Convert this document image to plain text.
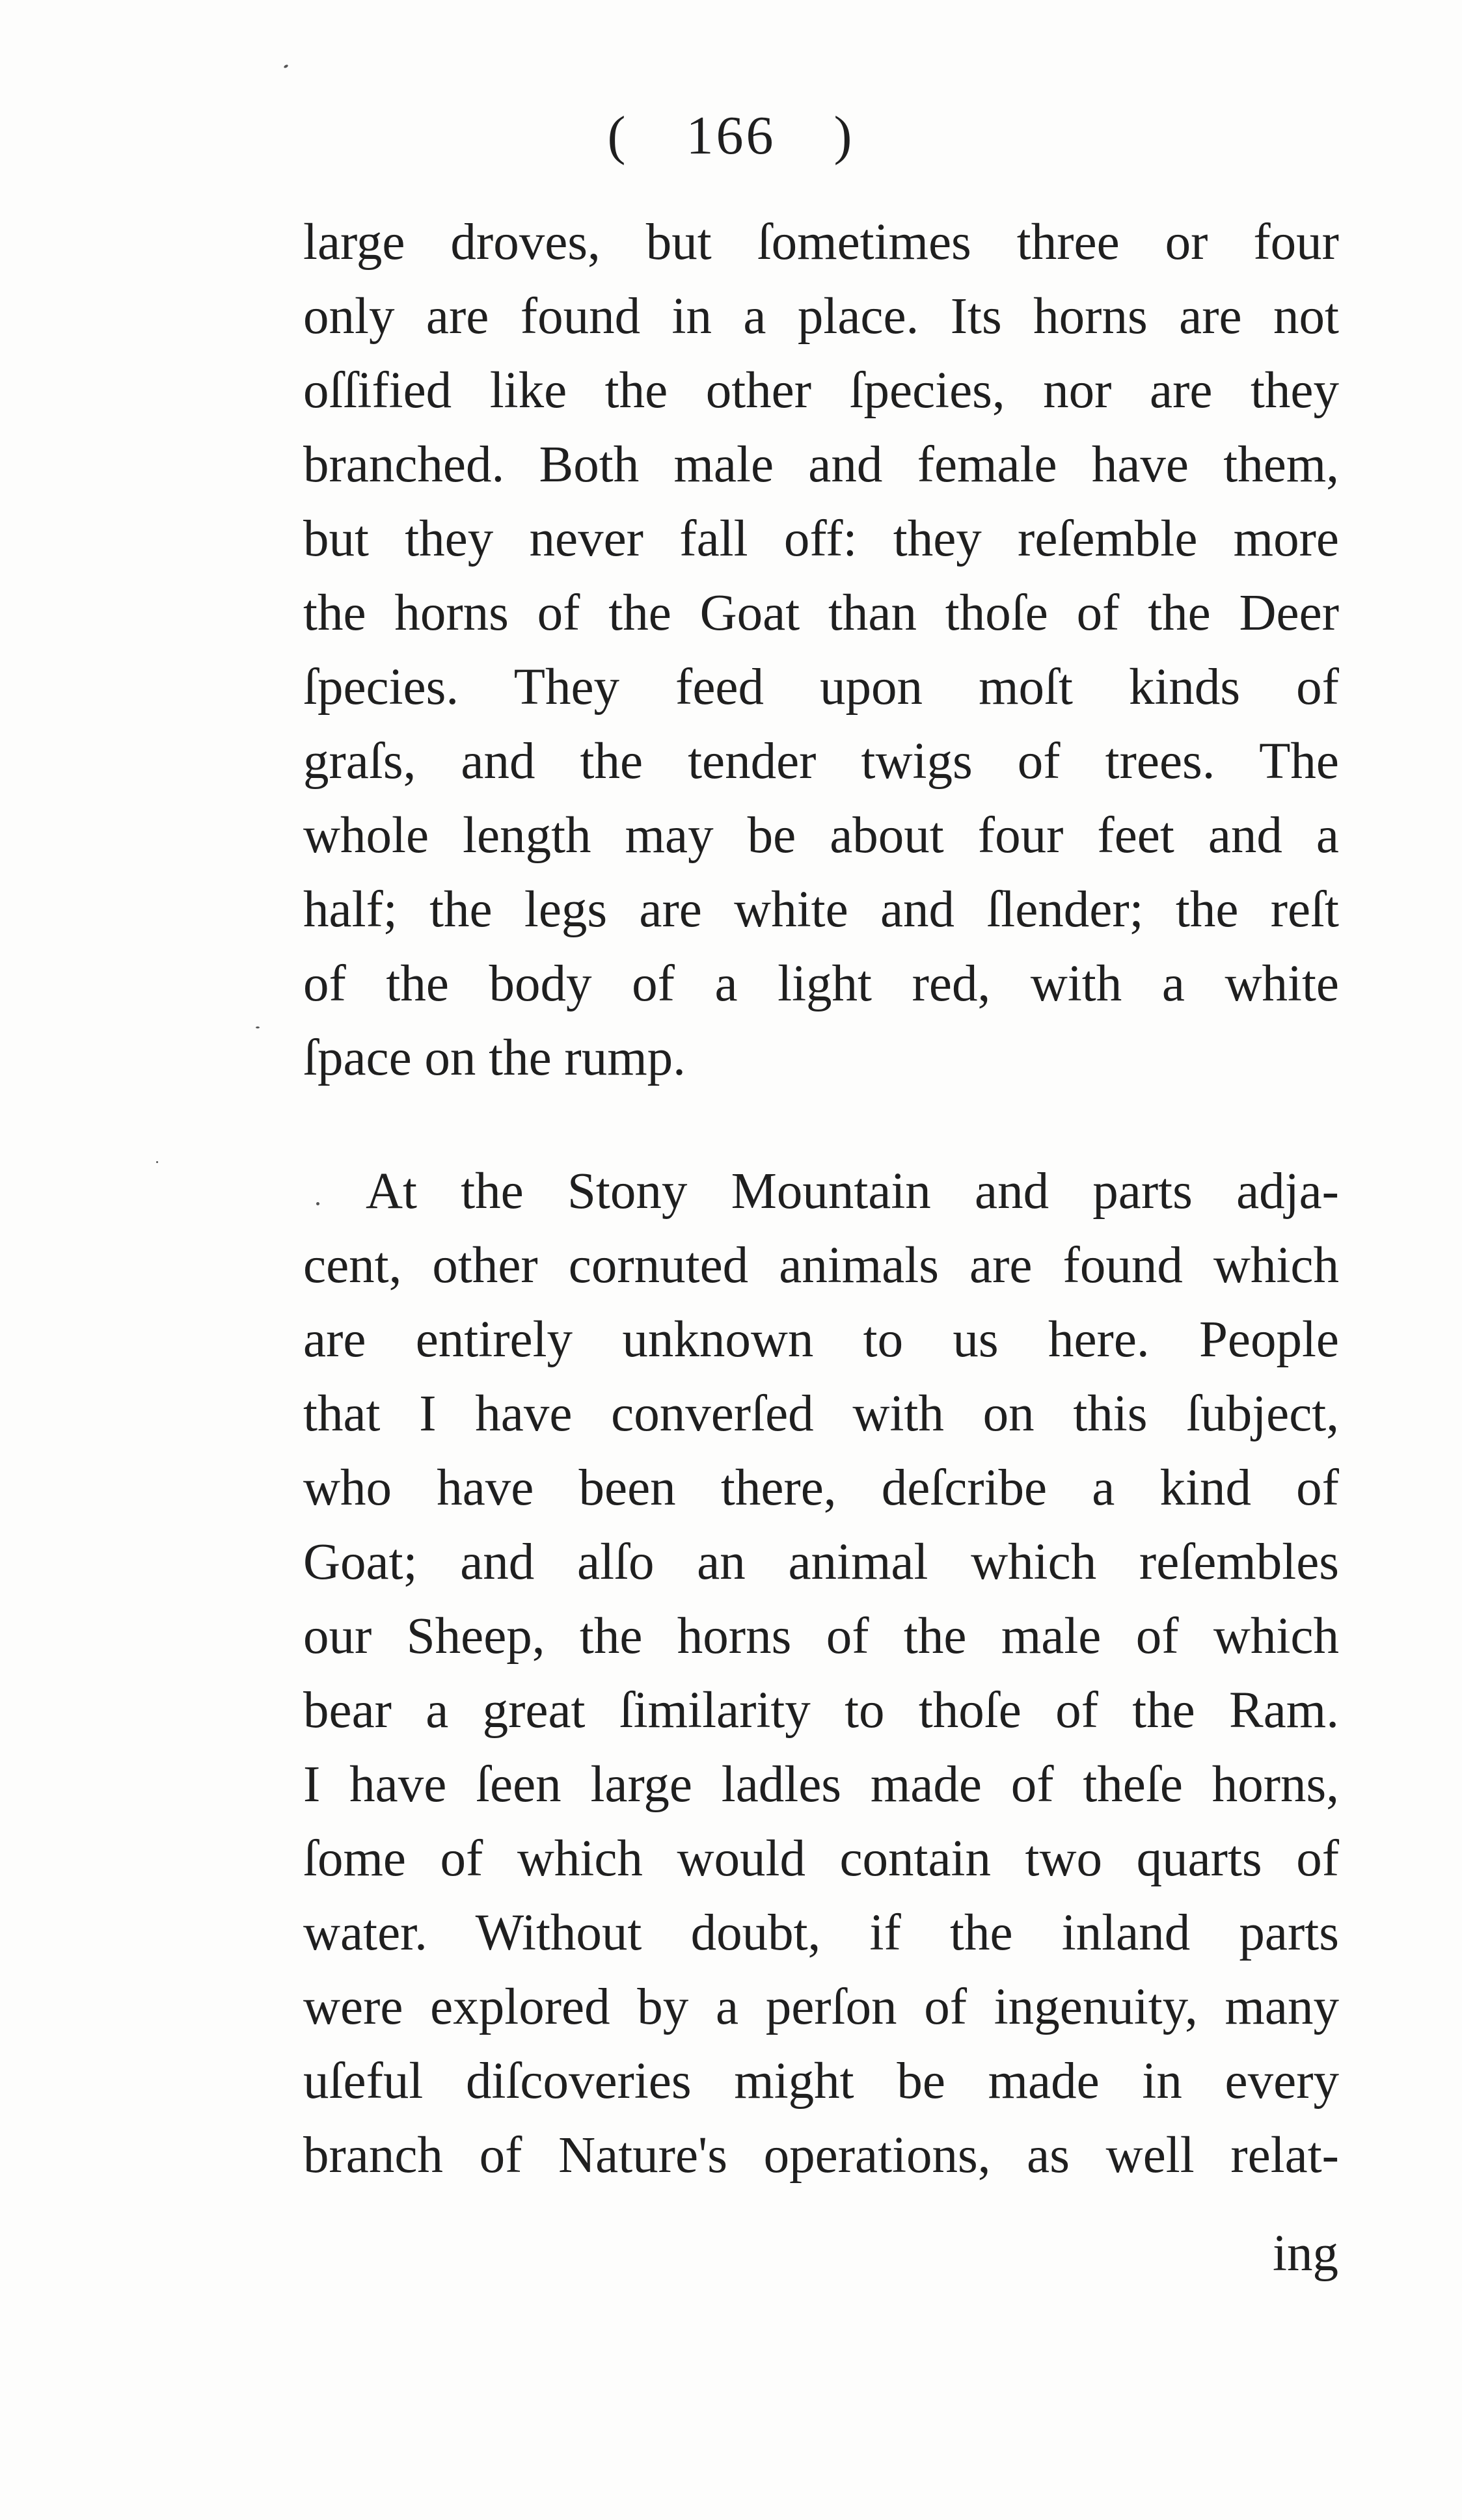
( 166 )
large droves, but ſometimes three or four
only are found in a place. Its horns are not
oſſified like the other ſpecies, nor are they
branched. Both male and female have them,
but they never fall off: they reſemble more
the horns of the Goat than thoſe of the Deer
ſpecies. They feed upon moſt kinds of
graſs, and the tender twigs of trees. The
whole length may be about four feet and a
half; the legs are white and ſlender; the reſt
of the body of a light red, with a white
ſpace on the rump.
At the Stony Mountain and parts adja-
cent, other cornuted animals are found which
are entirely unknown to us here. People
that I have converſed with on this ſubject,
who have been there, deſcribe a kind of
Goat; and alſo an animal which reſembles
our Sheep, the horns of the male of which
bear a great ſimilarity to thoſe of the Ram.
I have ſeen large ladles made of theſe horns,
ſome of which would contain two quarts of
water. Without doubt, if the inland parts
were explored by a perſon of ingenuity, many
uſeful diſcoveries might be made in every
branch of Nature's operations, as well relat-
ing
